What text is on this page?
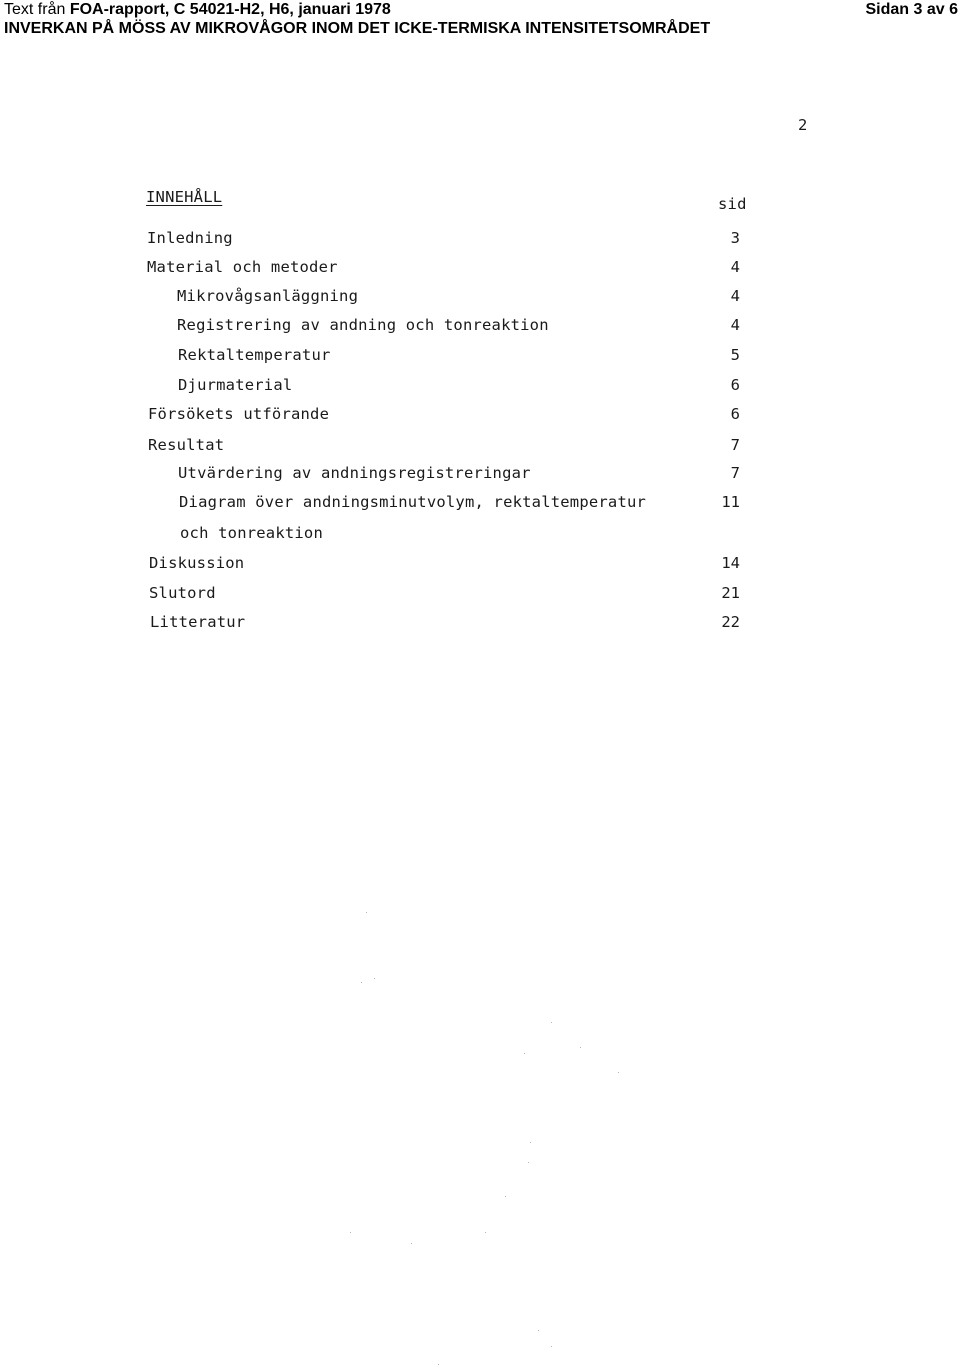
Text från FOA-rapport, C 54021-H2, H6, januari 1978	Sidan 3 av 6
INVERKAN PÅ MÖSS AV MIKROVÅGOR INOM DET ICKE-TERMISKA INTENSITETSOMRÅDET
2
INNEHÅLL	sid
Inledning	3
Material och metoder	4
Mikrovågsanläggning	4
Registrering av andning och tonreaktion	4
Rektaltemperatur	5
Djurmaterial	6
Försökets utförande	6
Resultat	7
Utvärdering av andningsregistreringar	7
Diagram över andningsminutvolym, rektaltemperatur	11
och tonreaktion
Diskussion	14
Slutord	21
Litteratur	22
